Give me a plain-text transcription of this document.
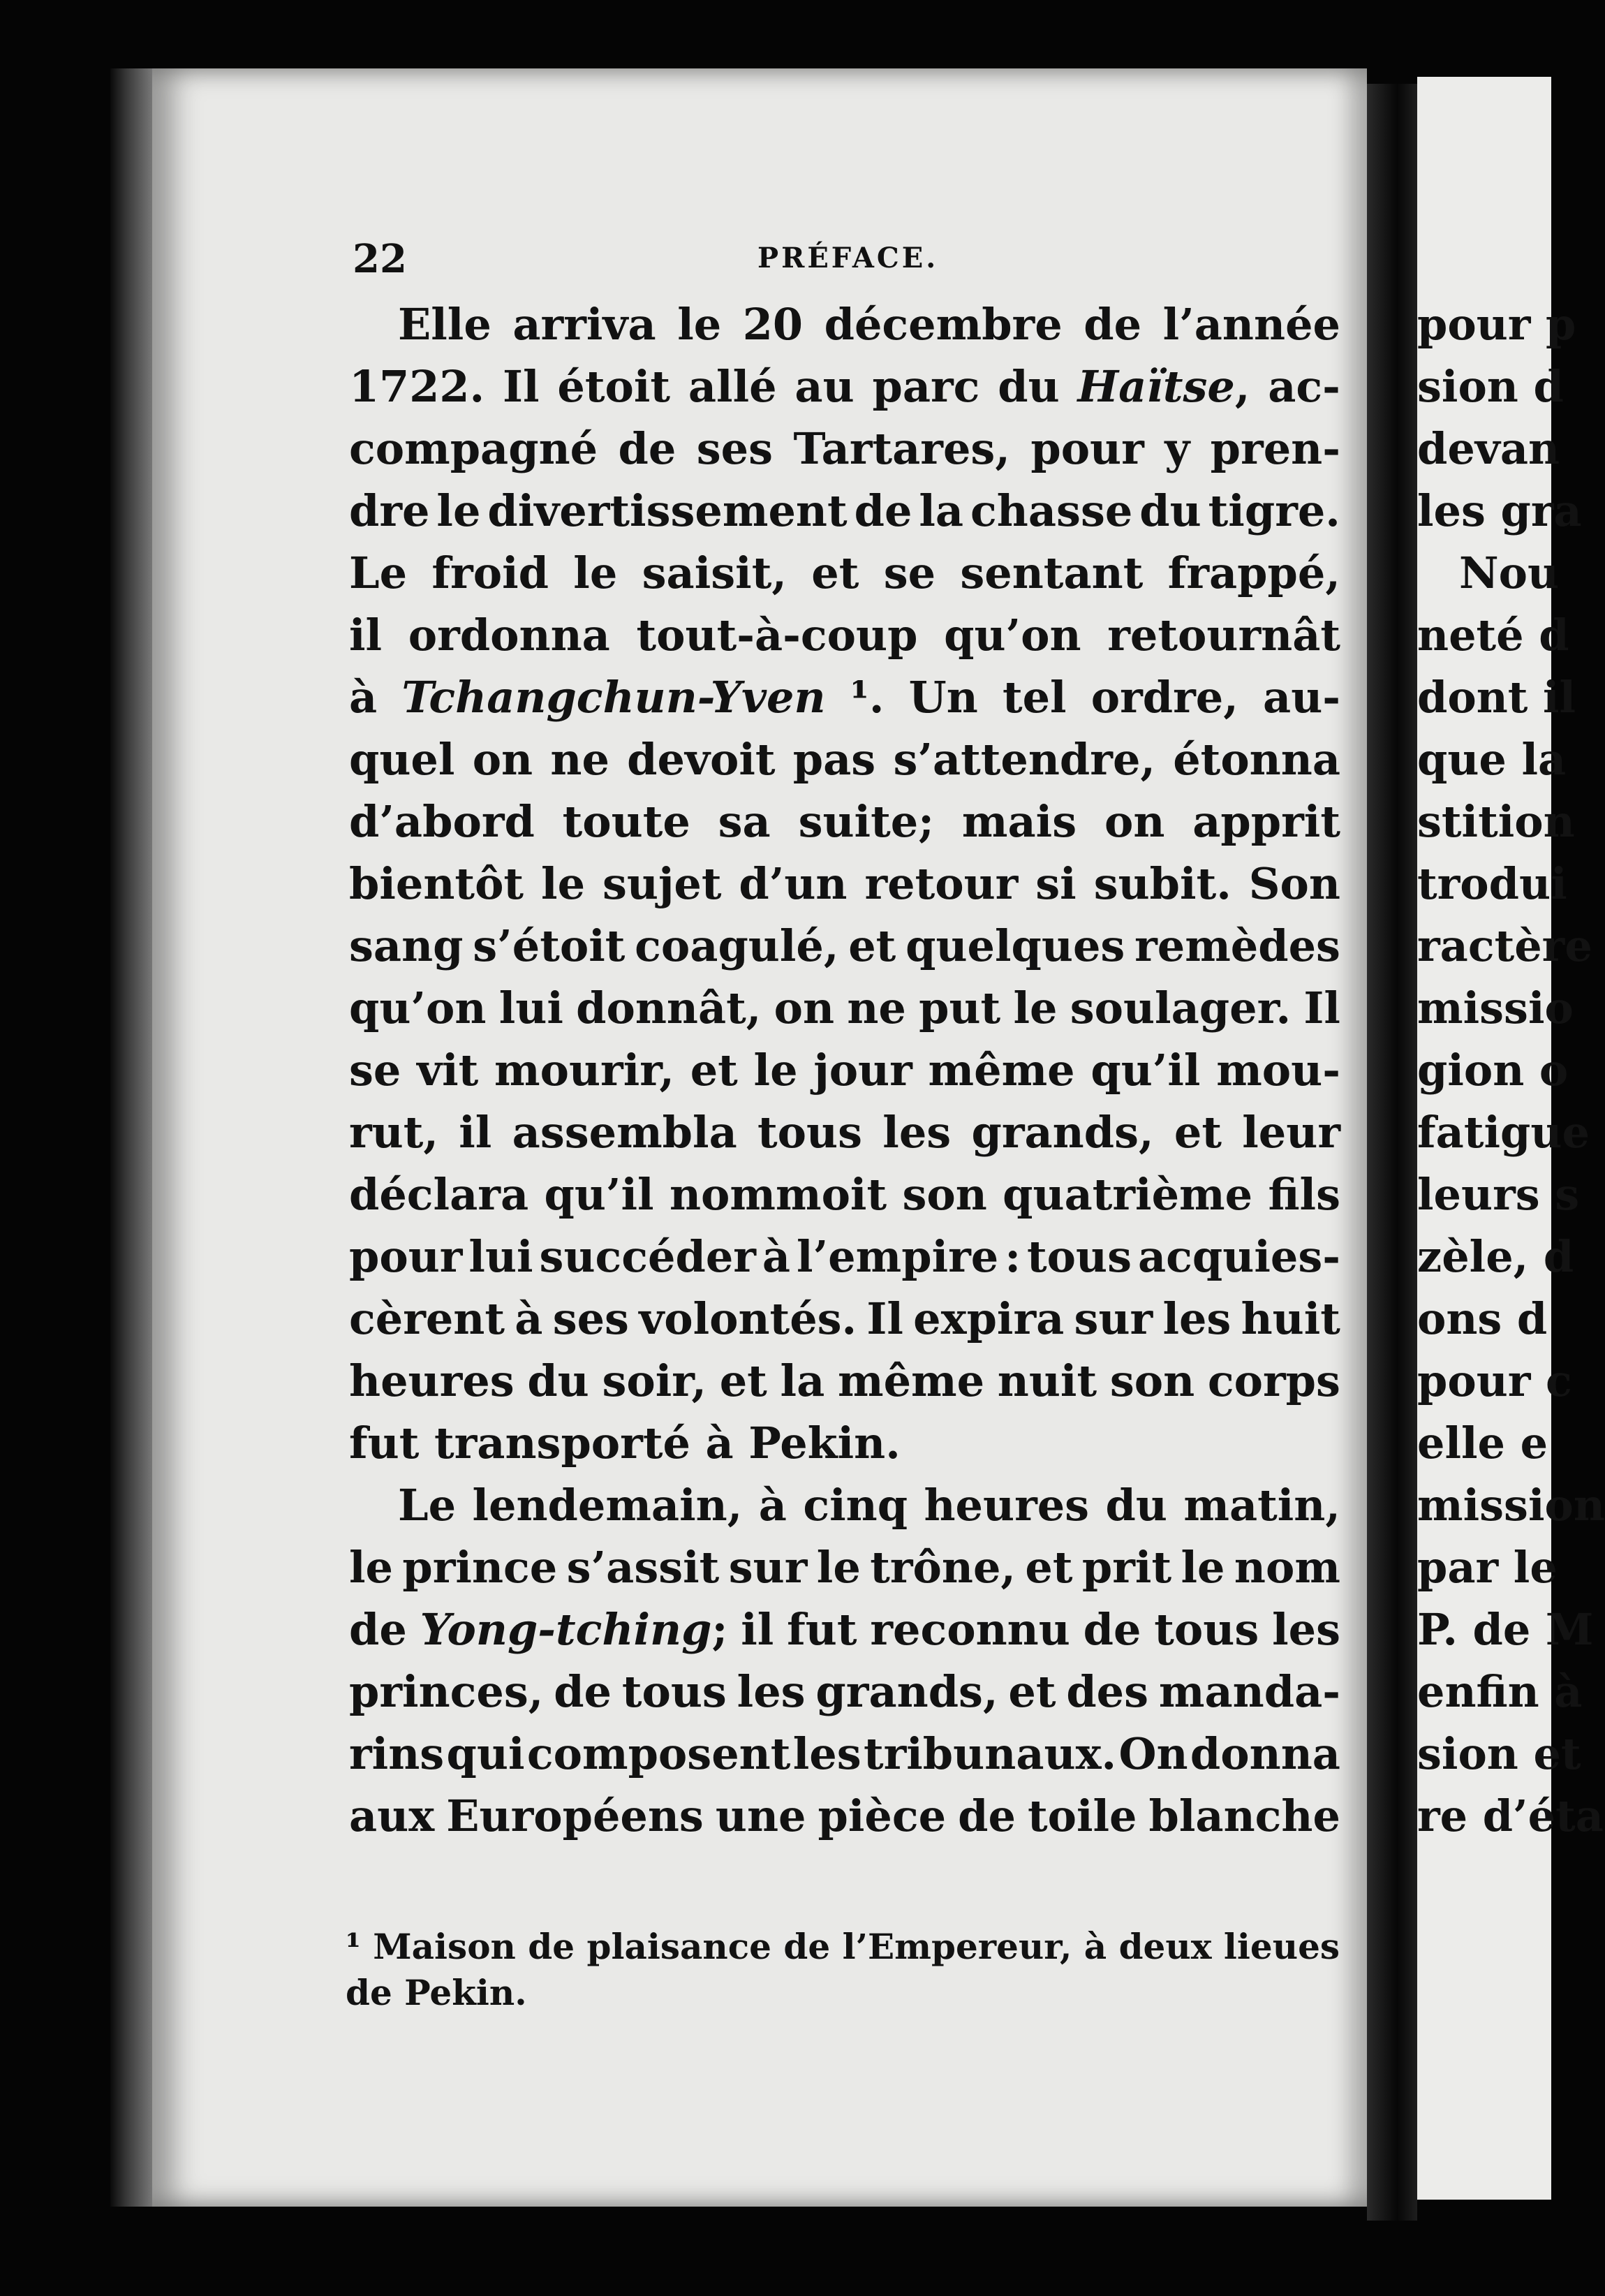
22	PRÉFACE.
Elle arriva le 20 décembre de l’année
1722. Il étoit allé au parc du Haïtse, ac-
compagné de ses Tartares, pour y pren-
dre le divertissement de la chasse du tigre.
Le froid le saisit, et se sentant frappé,
il ordonna tout-à-coup qu’on retournât
à Tchangchun-Yven ¹. Un tel ordre, au-
quel on ne devoit pas s’attendre, étonna
d’abord toute sa suite; mais on apprit
bientôt le sujet d’un retour si subit. Son
sang s’étoit coagulé, et quelques remèdes
qu’on lui donnât, on ne put le soulager. Il
se vit mourir, et le jour même qu’il mou-
rut, il assembla tous les grands, et leur
déclara qu’il nommoit son quatrième fils
pour lui succéder à l’empire : tous acquies-
cèrent à ses volontés. Il expira sur les huit
heures du soir, et la même nuit son corps
fut transporté à Pekin.
Le lendemain, à cinq heures du matin,
le prince s’assit sur le trône, et prit le nom
de Yong-tching; il fut reconnu de tous les
princes, de tous les grands, et des manda-
rins qui composent les tribunaux. On donna
aux Européens une pièce de toile blanche
¹ Maison de plaisance de l’Empereur, à deux lieues
de Pekin.
pour p
sion d
devan
les gra
Nou
neté d
dont il
que la
stition
trodui
ractère
missio
gion o
fatigue
leurs s
zèle, d
ons d
pour c
elle e
mission
par le
P. de M
enfin à
sion et
re d’éta
